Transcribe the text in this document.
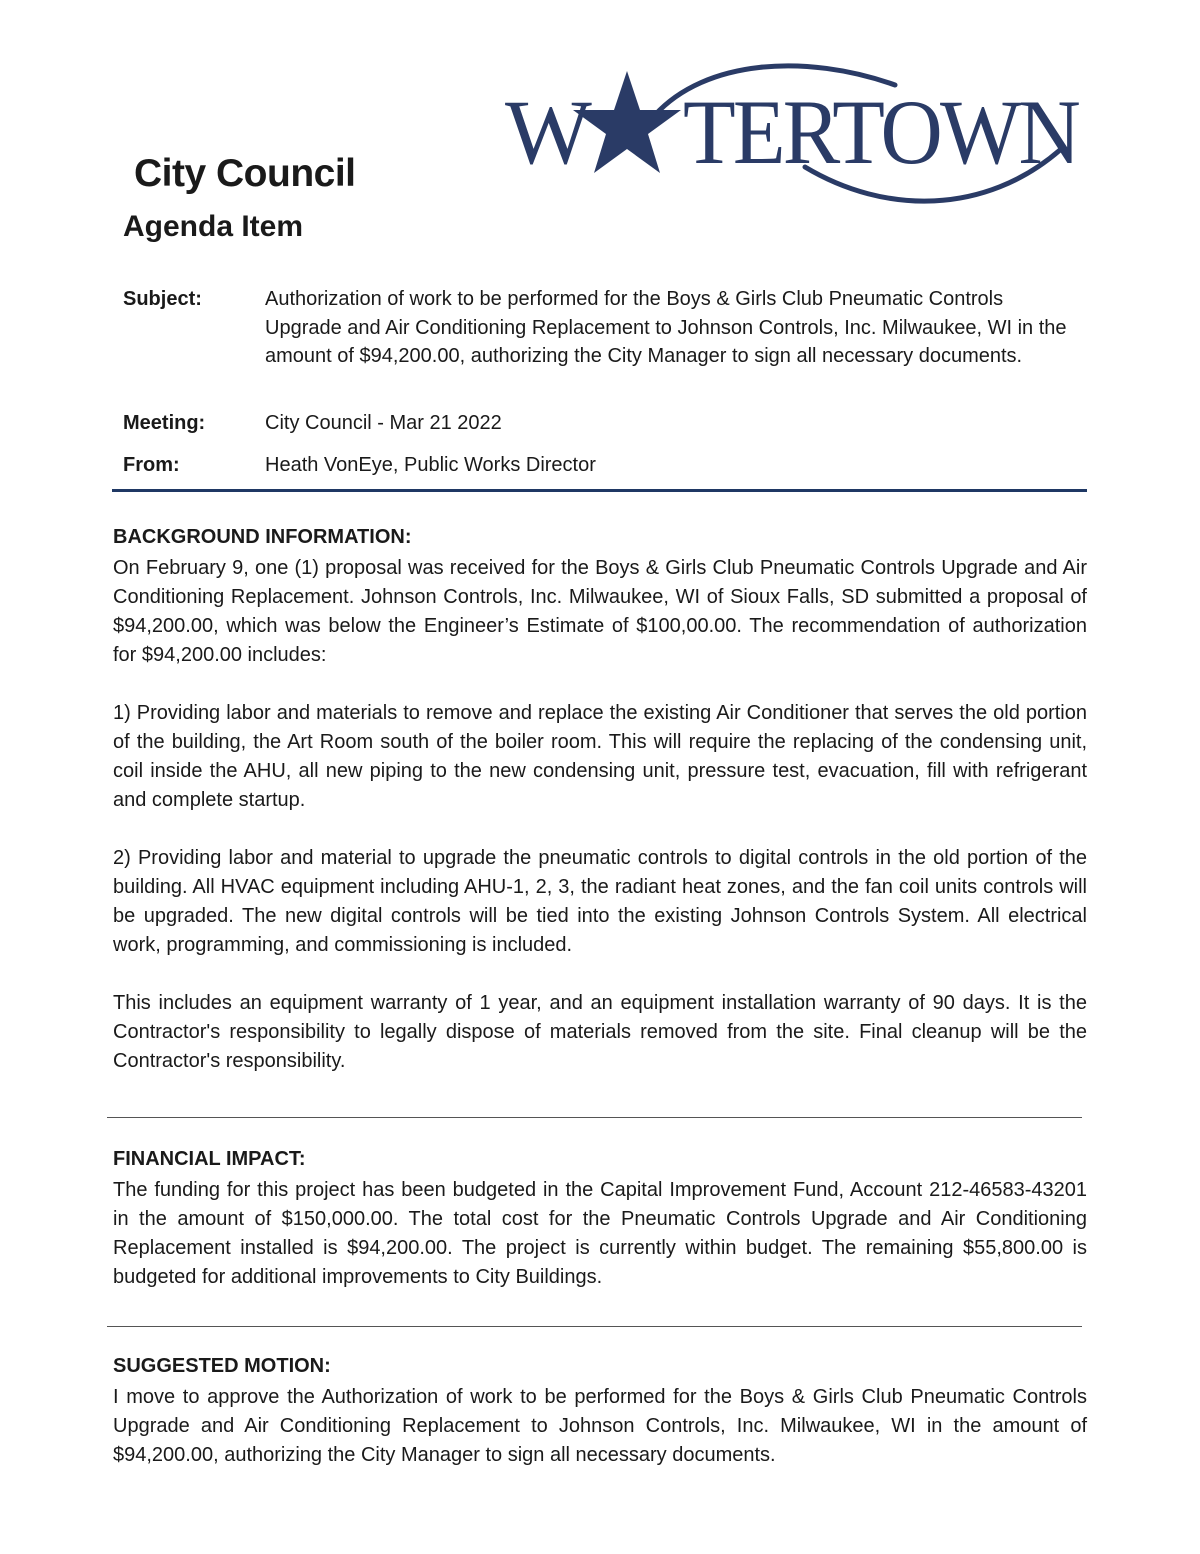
W TERTOWN
City Council
Agenda Item
Subject:	Authorization of work to be performed for the Boys & Girls Club Pneumatic Controls Upgrade and Air Conditioning Replacement to Johnson Controls, Inc. Milwaukee, WI in the amount of $94,200.00, authorizing the City Manager to sign all necessary documents.
Meeting:	City Council - Mar 21 2022
From:	Heath VonEye, Public Works Director
BACKGROUND INFORMATION:

On February 9, one (1) proposal was received for the Boys & Girls Club Pneumatic Controls Upgrade and Air Conditioning Replacement. Johnson Controls, Inc. Milwaukee, WI of Sioux Falls, SD submitted a proposal of $94,200.00, which was below the Engineer’s Estimate of $100,00.00. The recommendation of authorization for $94,200.00 includes:

1) Providing labor and materials to remove and replace the existing Air Conditioner that serves the old portion of the building, the Art Room south of the boiler room. This will require the replacing of the condensing unit, coil inside the AHU, all new piping to the new condensing unit, pressure test, evacuation, fill with refrigerant and complete startup.

2) Providing labor and material to upgrade the pneumatic controls to digital controls in the old portion of the building. All HVAC equipment including AHU-1, 2, 3, the radiant heat zones, and the fan coil units controls will be upgraded. The new digital controls will be tied into the existing Johnson Controls System. All electrical work, programming, and commissioning is included.

This includes an equipment warranty of 1 year, and an equipment installation warranty of 90 days. It is the Contractor's responsibility to legally dispose of materials removed from the site. Final cleanup will be the Contractor's responsibility.

FINANCIAL IMPACT:

The funding for this project has been budgeted in the Capital Improvement Fund, Account 212-46583-43201 in the amount of $150,000.00. The total cost for the Pneumatic Controls Upgrade and Air Conditioning Replacement installed is $94,200.00. The project is currently within budget. The remaining $55,800.00 is budgeted for additional improvements to City Buildings.

SUGGESTED MOTION:

I move to approve the Authorization of work to be performed for the Boys & Girls Club Pneumatic Controls Upgrade and Air Conditioning Replacement to Johnson Controls, Inc. Milwaukee, WI in the amount of $94,200.00, authorizing the City Manager to sign all necessary documents.
